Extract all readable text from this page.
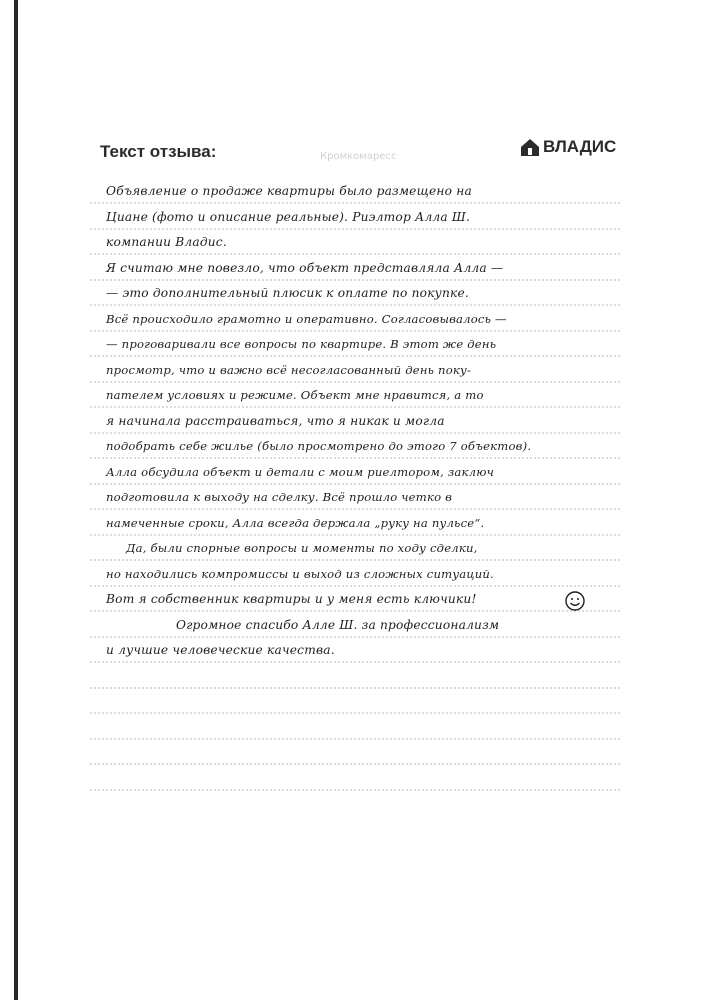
Текст отзыва:	ВЛАДИС
Кромкомаресс
Объявление о продаже квартиры было размещено на
Циане (фото и описание реальные). Риэлтор Алла Ш.
компании Владис.
Я считаю мне повезло, что объект представляла Алла —
— это дополнительный плюсик к оплате по покупке.
Всё происходило грамотно и оперативно. Согласовывалось —
— проговаривали все вопросы по квартире. В этот же день
просмотр, что и важно всё несогласованный день поку-
пателем условиях и режиме. Объект мне нравится, а то
я начинала расстраиваться, что я никак и могла
подобрать себе жилье (было просмотрено до этого 7 объектов).
Алла обсудила объект и детали с моим риелтором, заключ
подготовила к выходу на сделку. Всё прошло четко в
намеченные сроки, Алла всегда держала „руку на пульсе“.
Да, были спорные вопросы и моменты по ходу сделки,
но находились компромиссы и выход из сложных ситуаций.
Вот я собственник квартиры и у меня есть ключики!
Огромное спасибо Алле Ш. за профессионализм
и лучшие человеческие качества.
